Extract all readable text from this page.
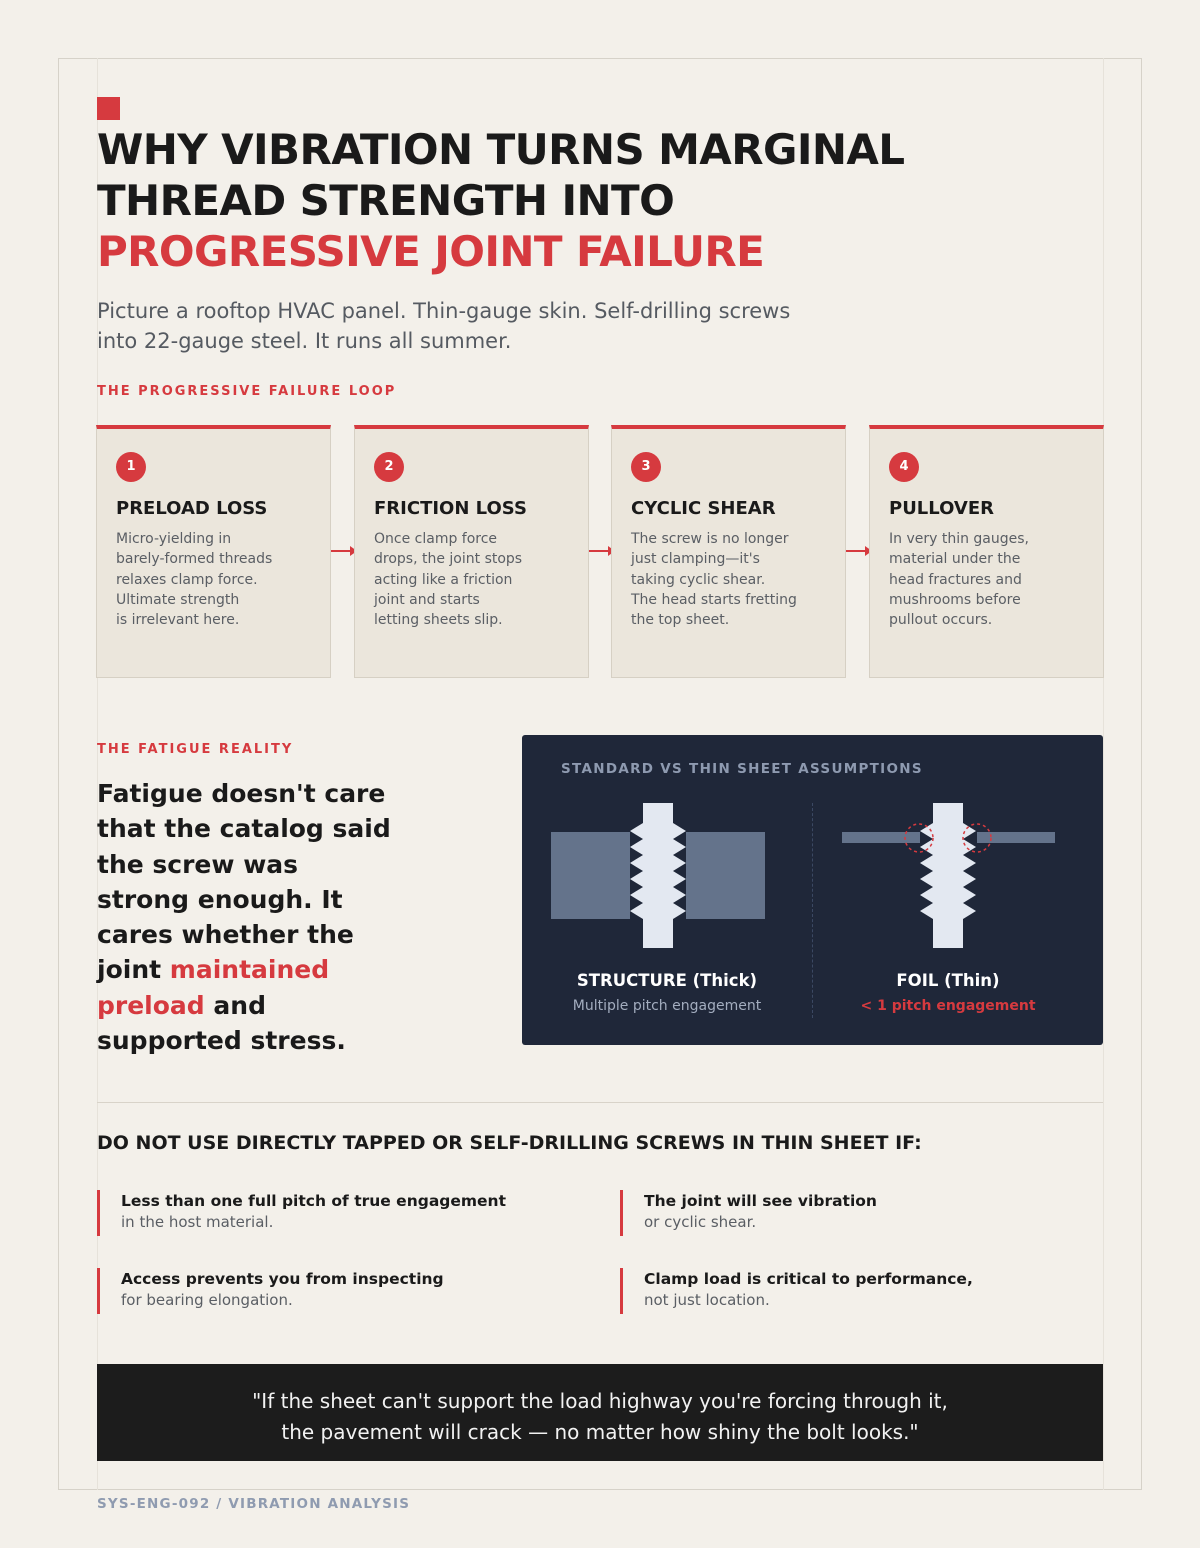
WHY VIBRATION TURNS MARGINAL
THREAD STRENGTH INTO
PROGRESSIVE JOINT FAILURE

Picture a rooftop HVAC panel. Thin-gauge skin. Self-drilling screws into 22-gauge steel. It runs all summer.

THE PROGRESSIVE FAILURE LOOP
1
PRELOAD LOSS
Micro-yielding in
barely-formed threads
relaxes clamp force.
Ultimate strength
is irrelevant here.
2
FRICTION LOSS
Once clamp force
drops, the joint stops
acting like a friction
joint and starts
letting sheets slip.
3
CYCLIC SHEAR
The screw is no longer
just clamping—it's
taking cyclic shear.
The head starts fretting
the top sheet.
4
PULLOVER
In very thin gauges,
material under the
head fractures and
mushrooms before
pullout occurs.
THE FATIGUE REALITY
Fatigue doesn't care that the catalog said the screw was strong enough. It cares whether the joint maintained preload and supported stress.
STANDARD VS THIN SHEET ASSUMPTIONS
STRUCTURE (Thick)
Multiple pitch engagement
FOIL (Thin)
< 1 pitch engagement
DO NOT USE DIRECTLY TAPPED OR SELF-DRILLING SCREWS IN THIN SHEET IF:
Less than one full pitch of true engagement
in the host material.
The joint will see vibration
or cyclic shear.
Access prevents you from inspecting
for bearing elongation.
Clamp load is critical to performance,
not just location.
"If the sheet can't support the load highway you're forcing through it,
the pavement will crack — no matter how shiny the bolt looks."
SYS-ENG-092 / VIBRATION ANALYSIS
